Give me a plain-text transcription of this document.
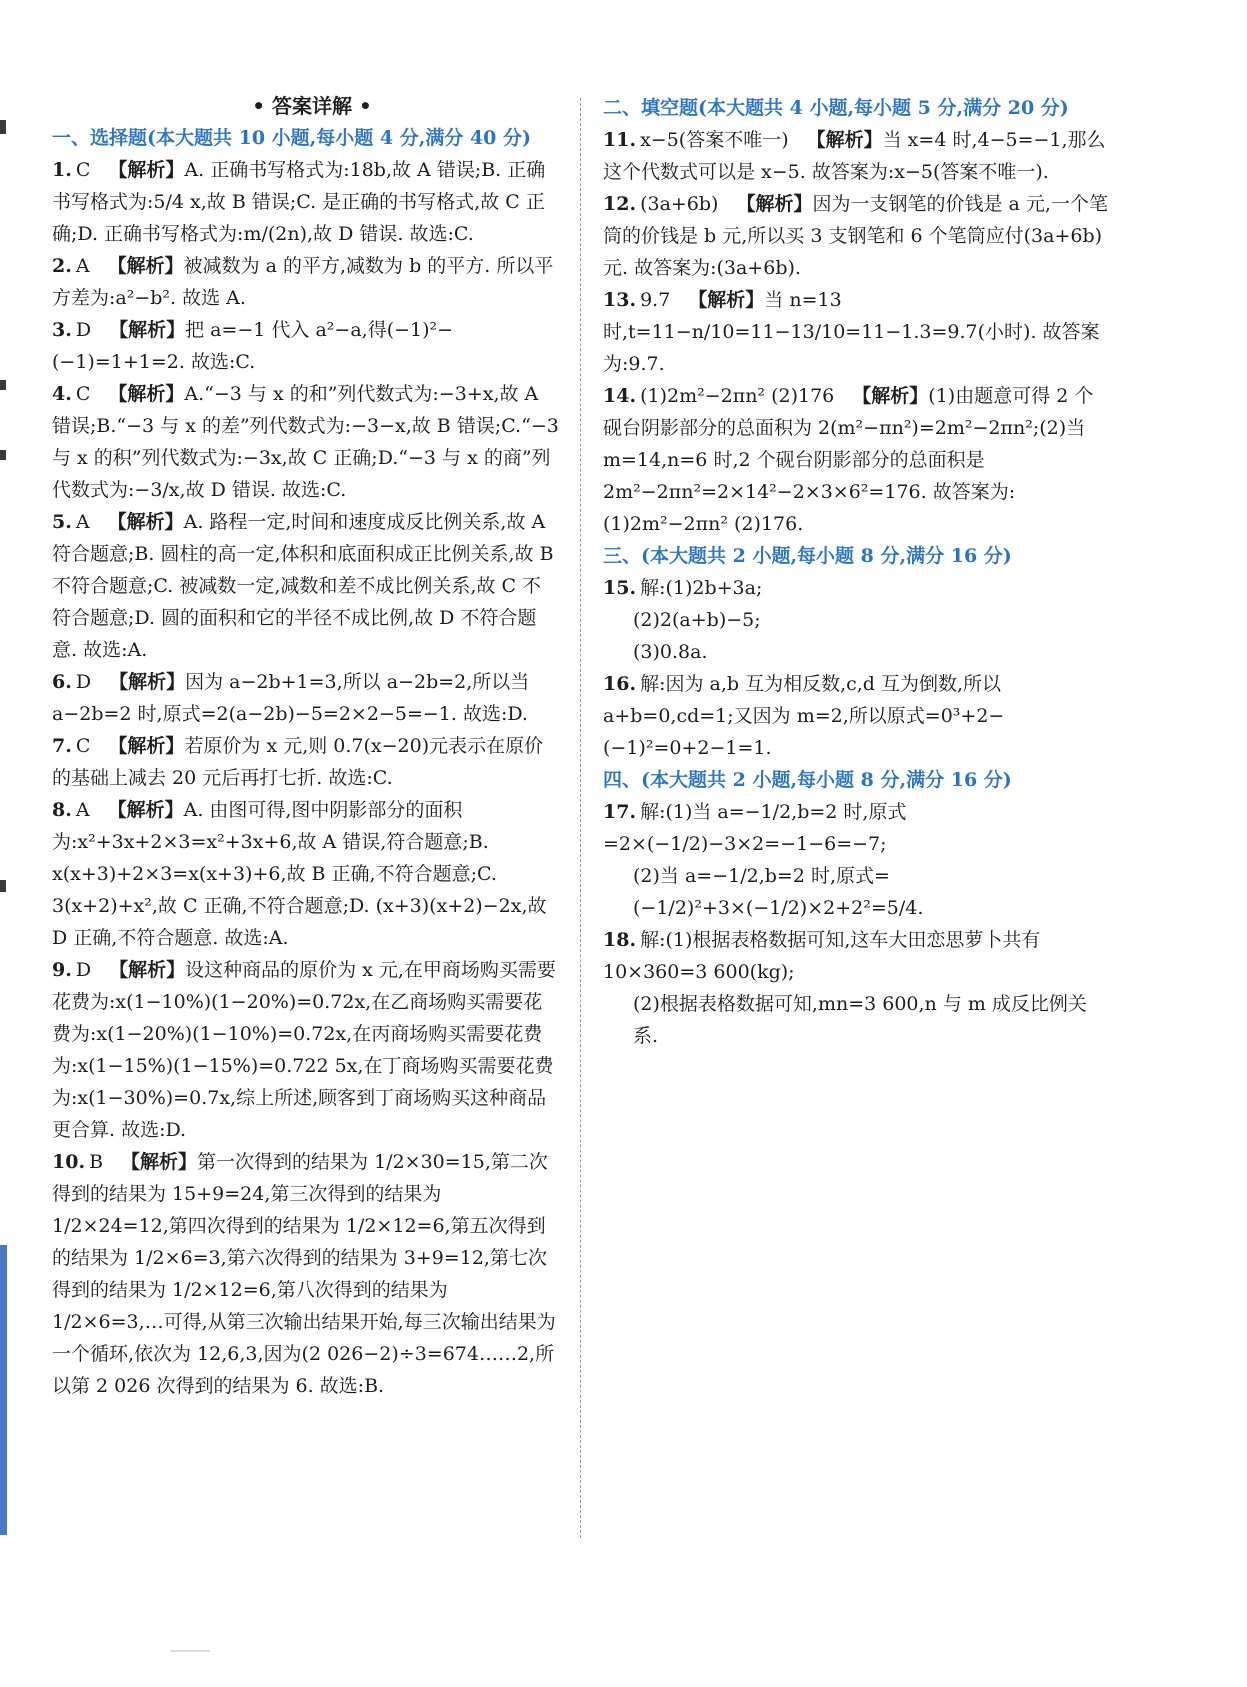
• 答案详解 •
一、选择题(本大题共 10 小题,每小题 4 分,满分 40 分)
1. C 【解析】A. 正确书写格式为:18b,故 A 错误;B. 正确书写格式为:5/4 x,故 B 错误;C. 是正确的书写格式,故 C 正确;D. 正确书写格式为:m/(2n),故 D 错误. 故选:C.
2. A 【解析】被减数为 a 的平方,减数为 b 的平方. 所以平方差为:a²−b². 故选 A.
3. D 【解析】把 a=−1 代入 a²−a,得(−1)²−(−1)=1+1=2. 故选:C.
4. C 【解析】A.“−3 与 x 的和”列代数式为:−3+x,故 A 错误;B.“−3 与 x 的差”列代数式为:−3−x,故 B 错误;C.“−3 与 x 的积”列代数式为:−3x,故 C 正确;D.“−3 与 x 的商”列代数式为:−3/x,故 D 错误. 故选:C.
5. A 【解析】A. 路程一定,时间和速度成反比例关系,故 A 符合题意;B. 圆柱的高一定,体积和底面积成正比例关系,故 B 不符合题意;C. 被减数一定,减数和差不成比例关系,故 C 不符合题意;D. 圆的面积和它的半径不成比例,故 D 不符合题意. 故选:A.
6. D 【解析】因为 a−2b+1=3,所以 a−2b=2,所以当 a−2b=2 时,原式=2(a−2b)−5=2×2−5=−1. 故选:D.
7. C 【解析】若原价为 x 元,则 0.7(x−20)元表示在原价的基础上减去 20 元后再打七折. 故选:C.
8. A 【解析】A. 由图可得,图中阴影部分的面积为:x²+3x+2×3=x²+3x+6,故 A 错误,符合题意;B. x(x+3)+2×3=x(x+3)+6,故 B 正确,不符合题意;C. 3(x+2)+x²,故 C 正确,不符合题意;D. (x+3)(x+2)−2x,故 D 正确,不符合题意. 故选:A.
9. D 【解析】设这种商品的原价为 x 元,在甲商场购买需要花费为:x(1−10%)(1−20%)=0.72x,在乙商场购买需要花费为:x(1−20%)(1−10%)=0.72x,在丙商场购买需要花费为:x(1−15%)(1−15%)=0.722 5x,在丁商场购买需要花费为:x(1−30%)=0.7x,综上所述,顾客到丁商场购买这种商品更合算. 故选:D.
10. B 【解析】第一次得到的结果为 1/2×30=15,第二次得到的结果为 15+9=24,第三次得到的结果为 1/2×24=12,第四次得到的结果为 1/2×12=6,第五次得到的结果为 1/2×6=3,第六次得到的结果为 3+9=12,第七次得到的结果为 1/2×12=6,第八次得到的结果为 1/2×6=3,…可得,从第三次输出结果开始,每三次输出结果为一个循环,依次为 12,6,3,因为(2 026−2)÷3=674……2,所以第 2 026 次得到的结果为 6. 故选:B.
二、填空题(本大题共 4 小题,每小题 5 分,满分 20 分)
11. x−5(答案不唯一) 【解析】当 x=4 时,4−5=−1,那么这个代数式可以是 x−5. 故答案为:x−5(答案不唯一).
12. (3a+6b) 【解析】因为一支钢笔的价钱是 a 元,一个笔筒的价钱是 b 元,所以买 3 支钢笔和 6 个笔筒应付(3a+6b)元. 故答案为:(3a+6b).
13. 9.7 【解析】当 n=13 时,t=11−n/10=11−13/10=11−1.3=9.7(小时). 故答案为:9.7.
14. (1)2m²−2πn² (2)176 【解析】(1)由题意可得 2 个砚台阴影部分的总面积为 2(m²−πn²)=2m²−2πn²;(2)当 m=14,n=6 时,2 个砚台阴影部分的总面积是 2m²−2πn²=2×14²−2×3×6²=176. 故答案为:(1)2m²−2πn² (2)176.
三、(本大题共 2 小题,每小题 8 分,满分 16 分)
15. 解:(1)2b+3a;
(2)2(a+b)−5;
(3)0.8a.
16. 解:因为 a,b 互为相反数,c,d 互为倒数,所以 a+b=0,cd=1;又因为 m=2,所以原式=0³+2−(−1)²=0+2−1=1.
四、(本大题共 2 小题,每小题 8 分,满分 16 分)
17. 解:(1)当 a=−1/2,b=2 时,原式=2×(−1/2)−3×2=−1−6=−7;
(2)当 a=−1/2,b=2 时,原式=(−1/2)²+3×(−1/2)×2+2²=5/4.
18. 解:(1)根据表格数据可知,这车大田恋思萝卜共有 10×360=3 600(kg);
(2)根据表格数据可知,mn=3 600,n 与 m 成反比例关系.
